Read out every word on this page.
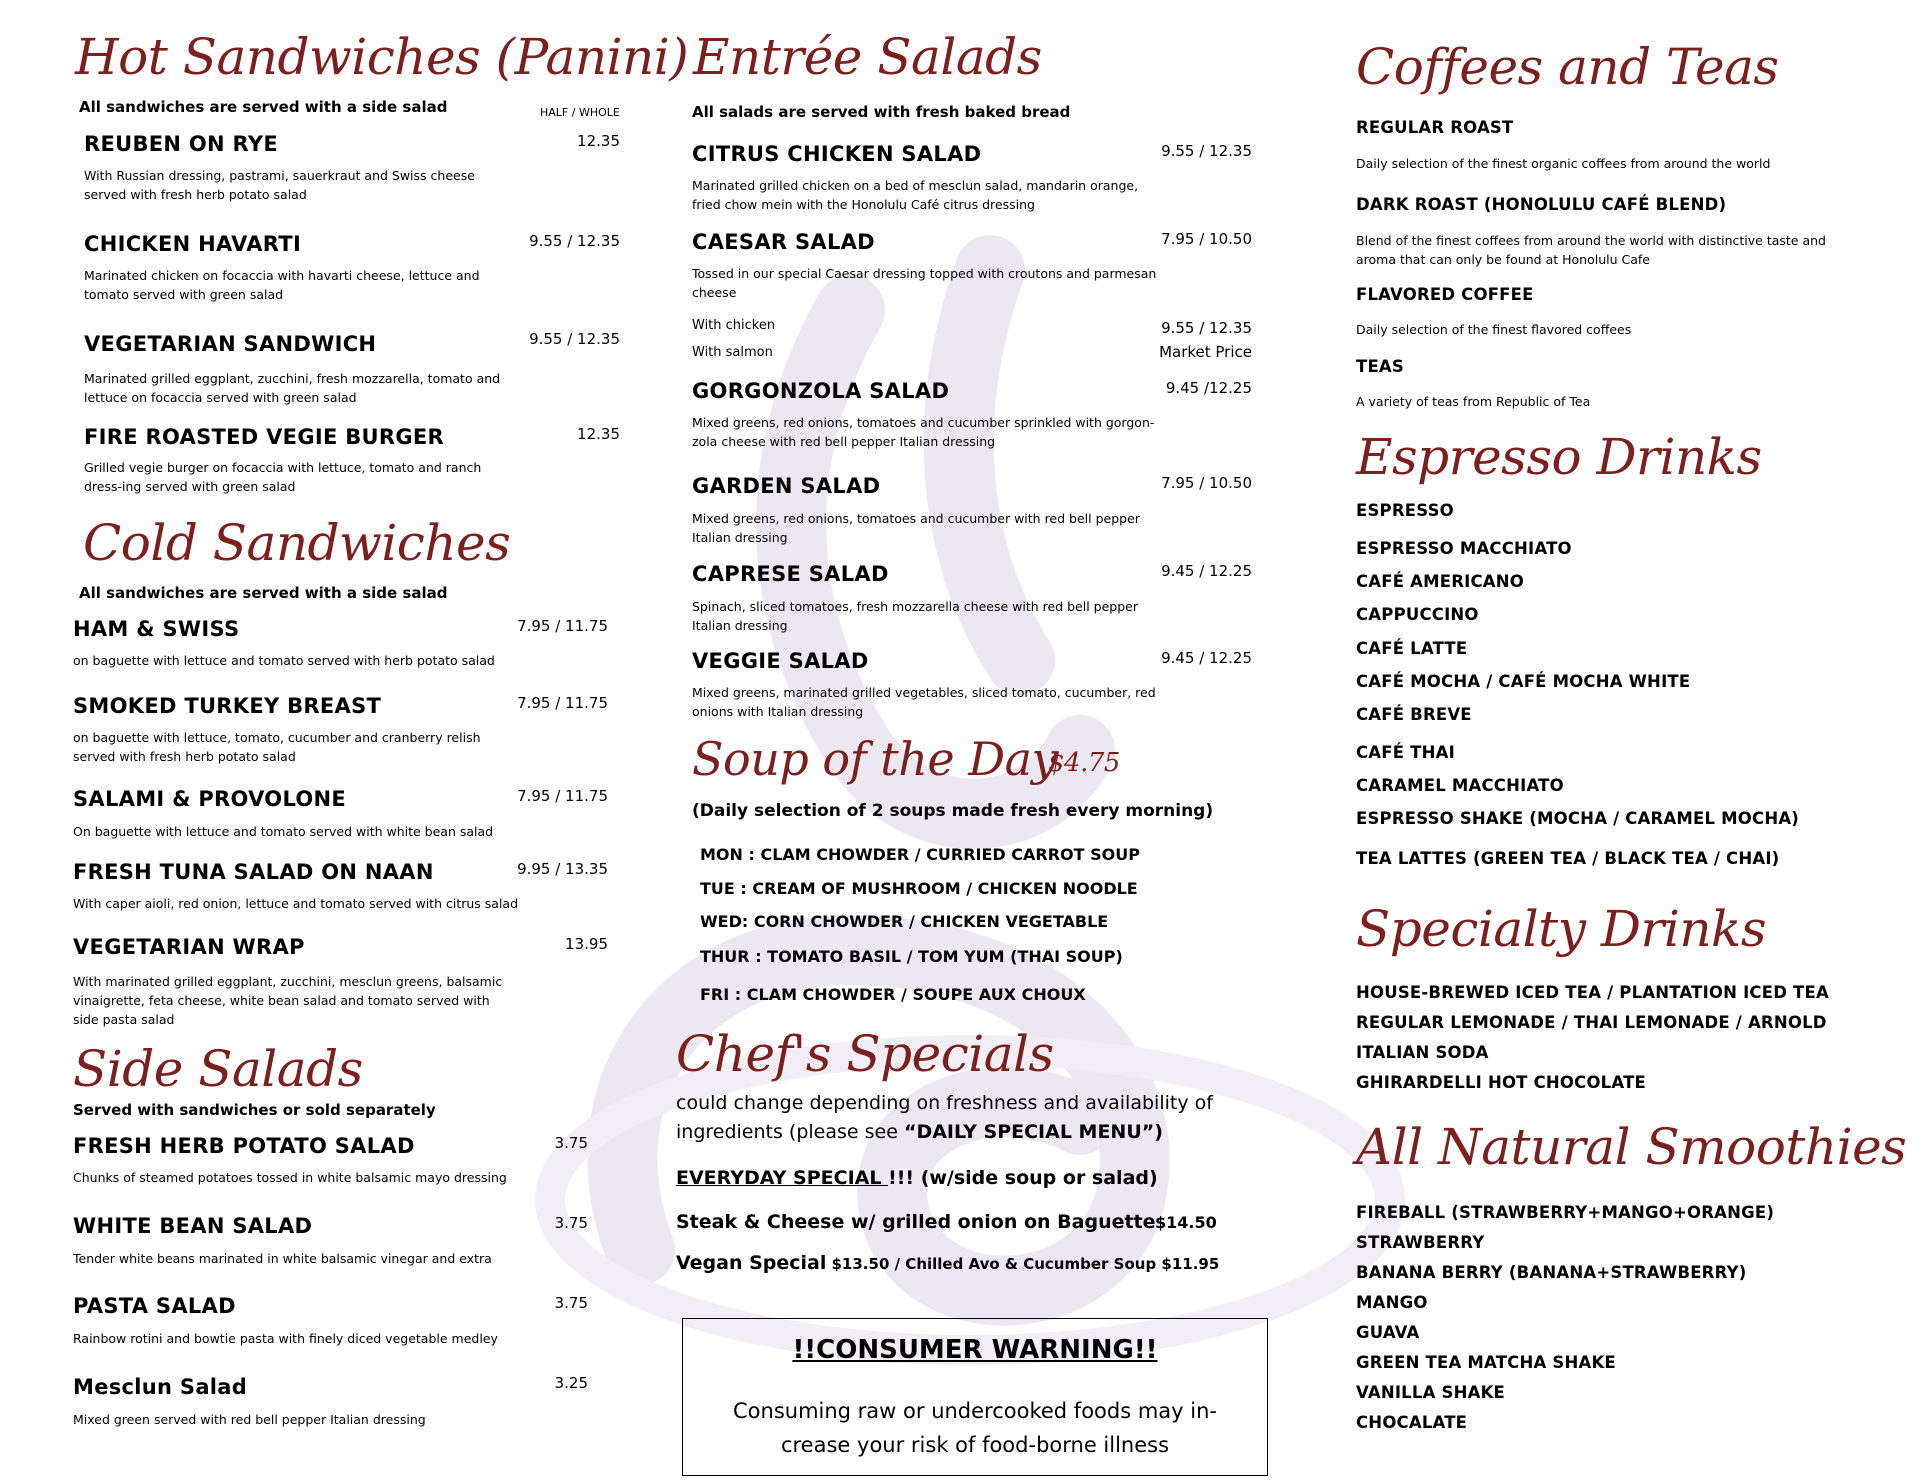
Hot Sandwiches (Panini)
All sandwiches are served with a side salad	HALF / WHOLE
REUBEN ON RYE	12.35
With Russian dressing, pastrami, sauerkraut and Swiss cheese served with fresh herb potato salad
CHICKEN HAVARTI	9.55 / 12.35
Marinated chicken on focaccia with havarti cheese, lettuce and tomato served with green salad
VEGETARIAN SANDWICH	9.55 / 12.35
Marinated grilled eggplant, zucchini, fresh mozzarella, tomato and lettuce on focaccia served with green salad
FIRE ROASTED VEGIE BURGER	12.35
Grilled vegie burger on focaccia with lettuce, tomato and ranch dress-ing served with green salad
Cold Sandwiches
All sandwiches are served with a side salad
HAM & SWISS	7.95 / 11.75
on baguette with lettuce and tomato served with herb potato salad
SMOKED TURKEY BREAST	7.95 / 11.75
on baguette with lettuce, tomato, cucumber and cranberry relish served with fresh herb potato salad
SALAMI & PROVOLONE	7.95 / 11.75
On baguette with lettuce and tomato served with white bean salad
FRESH TUNA SALAD ON NAAN	9.95 / 13.35
With caper aioli, red onion, lettuce and tomato served with citrus salad
VEGETARIAN WRAP	13.95
With marinated grilled eggplant, zucchini, mesclun greens, balsamic vinaigrette, feta cheese, white bean salad and tomato served with side pasta salad
Side Salads
Served with sandwiches or sold separately
FRESH HERB POTATO SALAD	3.75
Chunks of steamed potatoes tossed in white balsamic mayo dressing
WHITE BEAN SALAD	3.75
Tender white beans marinated in white balsamic vinegar and extra
PASTA SALAD	3.75
Rainbow rotini and bowtie pasta with finely diced vegetable medley
Mesclun Salad	3.25
Mixed green served with red bell pepper Italian dressing
Entrée Salads
All salads are served with fresh baked bread
CITRUS CHICKEN SALAD	9.55 / 12.35
Marinated grilled chicken on a bed of mesclun salad, mandarin orange, fried chow mein with the Honolulu Café citrus dressing
CAESAR SALAD	7.95 / 10.50
Tossed in our special Caesar dressing topped with croutons and parmesan cheese
With chicken	9.55 / 12.35
With salmon	Market Price
GORGONZOLA SALAD	9.45 /12.25
Mixed greens, red onions, tomatoes and cucumber sprinkled with gorgon-zola cheese with red bell pepper Italian dressing
GARDEN SALAD	7.95 / 10.50
Mixed greens, red onions, tomatoes and cucumber with red bell pepper Italian dressing
CAPRESE SALAD	9.45 / 12.25
Spinach, sliced tomatoes, fresh mozzarella cheese with red bell pepper Italian dressing
VEGGIE SALAD	9.45 / 12.25
Mixed greens, marinated grilled vegetables, sliced tomato, cucumber, red onions with Italian dressing
Soup of the Day
$4.75
(Daily selection of 2 soups made fresh every morning)
MON : CLAM CHOWDER / CURRIED CARROT SOUP
TUE : CREAM OF MUSHROOM / CHICKEN NOODLE
WED: CORN CHOWDER / CHICKEN VEGETABLE
THUR : TOMATO BASIL / TOM YUM (THAI SOUP)
FRI : CLAM CHOWDER / SOUPE AUX CHOUX
Chef's Specials
could change depending on freshness and availability of
ingredients (please see “DAILY SPECIAL MENU”)
EVERYDAY SPECIAL !!! (w/side soup or salad)
Steak & Cheese w/ grilled onion on Baguette $14.50
Vegan Special $13.50 / Chilled Avo & Cucumber Soup $11.95
!!CONSUMER WARNING!!
Consuming raw or undercooked foods may in-
crease your risk of food-borne illness
Coffees and Teas
REGULAR ROAST
Daily selection of the finest organic coffees from around the world
DARK ROAST (HONOLULU CAFÉ BLEND)
Blend of the finest coffees from around the world with distinctive taste and aroma that can only be found at Honolulu Cafe
FLAVORED COFFEE
Daily selection of the finest flavored coffees
TEAS
A variety of teas from Republic of Tea
Espresso Drinks
ESPRESSO
ESPRESSO MACCHIATO
CAFÉ AMERICANO
CAPPUCCINO
CAFÉ LATTE
CAFÉ MOCHA / CAFÉ MOCHA WHITE
CAFÉ BREVE
CAFÉ THAI
CARAMEL MACCHIATO
ESPRESSO SHAKE (MOCHA / CARAMEL MOCHA)
TEA LATTES (GREEN TEA / BLACK TEA / CHAI)
Specialty Drinks
HOUSE-BREWED ICED TEA / PLANTATION ICED TEA
REGULAR LEMONADE / THAI LEMONADE / ARNOLD
ITALIAN SODA
GHIRARDELLI HOT CHOCOLATE
All Natural Smoothies
FIREBALL (STRAWBERRY+MANGO+ORANGE)
STRAWBERRY
BANANA BERRY (BANANA+STRAWBERRY)
MANGO
GUAVA
GREEN TEA MATCHA SHAKE
VANILLA SHAKE
CHOCALATE
